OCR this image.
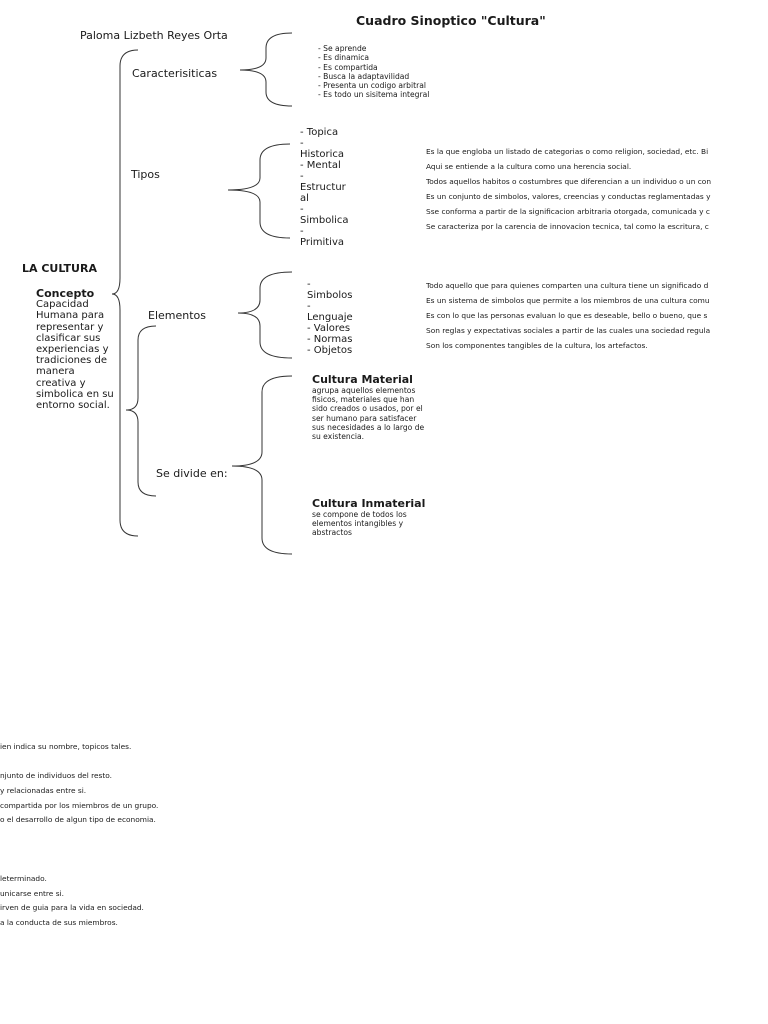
Cuadro Sinoptico "Cultura"
Paloma Lizbeth Reyes Orta
LA CULTURA
Concepto
Capacidad Humana para representar y clasificar sus experiencias y tradiciones de manera creativa y simbolica en su entorno social.
Caracterisiticas
- Se aprende
- Es dinamica
- Es compartida
- Busca la adaptavilidad
- Presenta un codigo arbitral
- Es todo un sisitema integral
Tipos
- Topica
-
Historica
- Mental
-
Estructur
al
-
Simbolica
-
Primitiva
Es la que engloba un listado de categorias o como religion, sociedad, etc. Bi
Aqui se entiende a la cultura como una herencia social.
Todos aquellos habitos o costumbres que diferencian a un individuo o un con
Es un conjunto de simbolos, valores, creencias y conductas reglamentadas y
Sse conforma a partir de la significacion arbitraria otorgada, comunicada y c
Se caracteriza por la carencia de innovacion tecnica, tal como la escritura, c
Elementos
-
Simbolos
-
Lenguaje
- Valores
- Normas
- Objetos
Todo aquello que para quienes comparten una cultura tiene un significado d
Es un sistema de simbolos que permite a los miembros de una cultura comu
Es con lo que las personas evaluan lo que es deseable, bello o bueno, que s
Son reglas y expectativas sociales a partir de las cuales una sociedad regula
Son los componentes tangibles de la cultura, los artefactos.
Se divide en:
Cultura Material
agrupa aquellos elementos fisicos, materiales que han sido creados o usados, por el ser humano para satisfacer sus necesidades a lo largo de su existencia.
Cultura Inmaterial
se compone de todos los elementos intangibles y abstractos
ien indica su nombre, topicos tales.
njunto de individuos del resto.
y relacionadas entre si.
compartida por los miembros de un grupo.
o el desarrollo de algun tipo de economia.
leterminado.
unicarse entre si.
irven de guia para la vida en sociedad.
a la conducta de sus miembros.
